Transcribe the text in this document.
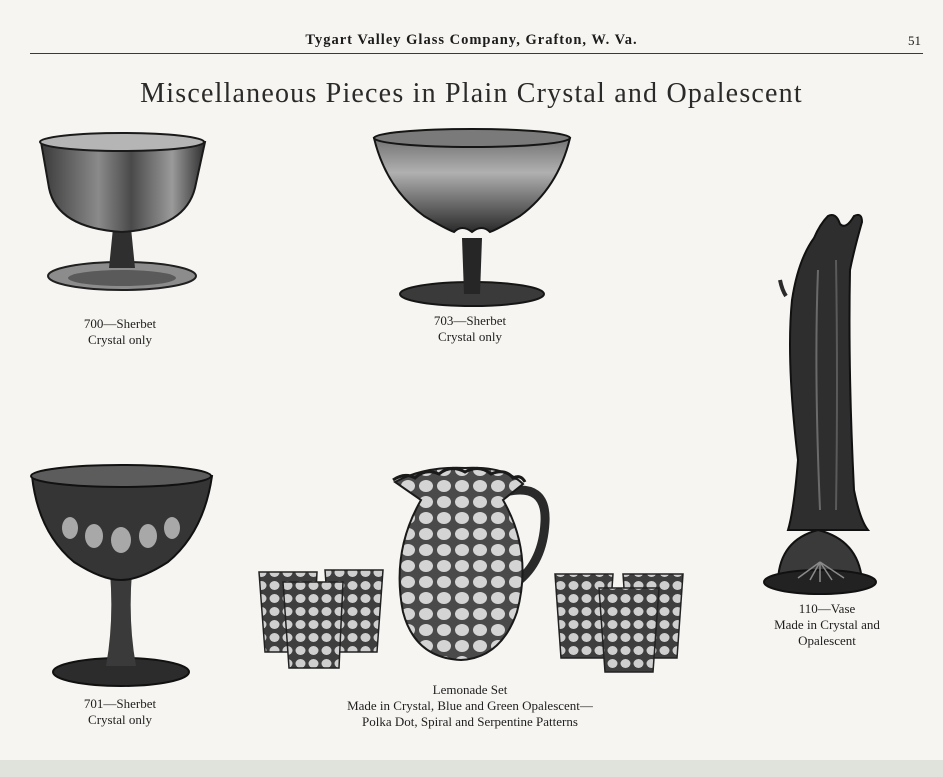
Tygart Valley Glass Company, Grafton, W. Va.	51
Miscellaneous Pieces in Plain Crystal and Opalescent
700—Sherbet
Crystal only
703—Sherbet
Crystal only
701—Sherbet
Crystal only
Lemonade Set
Made in Crystal, Blue and Green Opalescent—
Polka Dot, Spiral and Serpentine Patterns
110—Vase
Made in Crystal and
Opalescent
